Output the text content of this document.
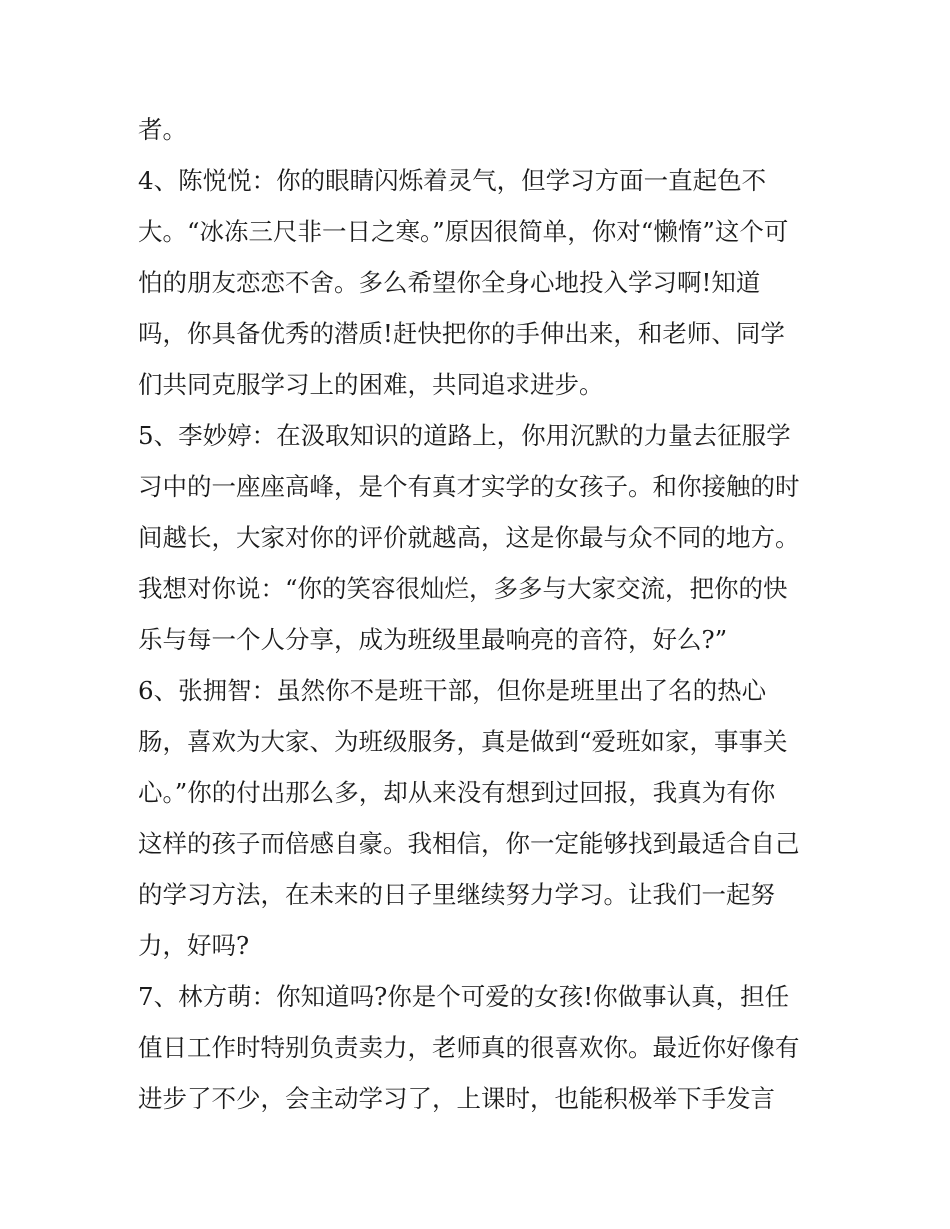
者。
4、陈悦悦：你的眼睛闪烁着灵气，但学习方面一直起色不
大。“冰冻三尺非一日之寒。”原因很简单，你对“懒惰”这个可
怕的朋友恋恋不舍。多么希望你全身心地投入学习啊!知道
吗，你具备优秀的潜质!赶快把你的手伸出来，和老师、同学
们共同克服学习上的困难，共同追求进步。
5、李妙婷：在汲取知识的道路上，你用沉默的力量去征服学
习中的一座座高峰，是个有真才实学的女孩子。和你接触的时
间越长，大家对你的评价就越高，这是你最与众不同的地方。
我想对你说：“你的笑容很灿烂，多多与大家交流，把你的快
乐与每一个人分享，成为班级里最响亮的音符，好么?”
6、张拥智：虽然你不是班干部，但你是班里出了名的热心
肠，喜欢为大家、为班级服务，真是做到“爱班如家，事事关
心。”你的付出那么多，却从来没有想到过回报，我真为有你
这样的孩子而倍感自豪。我相信，你一定能够找到最适合自己
的学习方法，在未来的日子里继续努力学习。让我们一起努
力，好吗?
7、林方萌：你知道吗?你是个可爱的女孩!你做事认真，担任
值日工作时特别负责卖力，老师真的很喜欢你。最近你好像有
进步了不少，会主动学习了，上课时，也能积极举下手发言
